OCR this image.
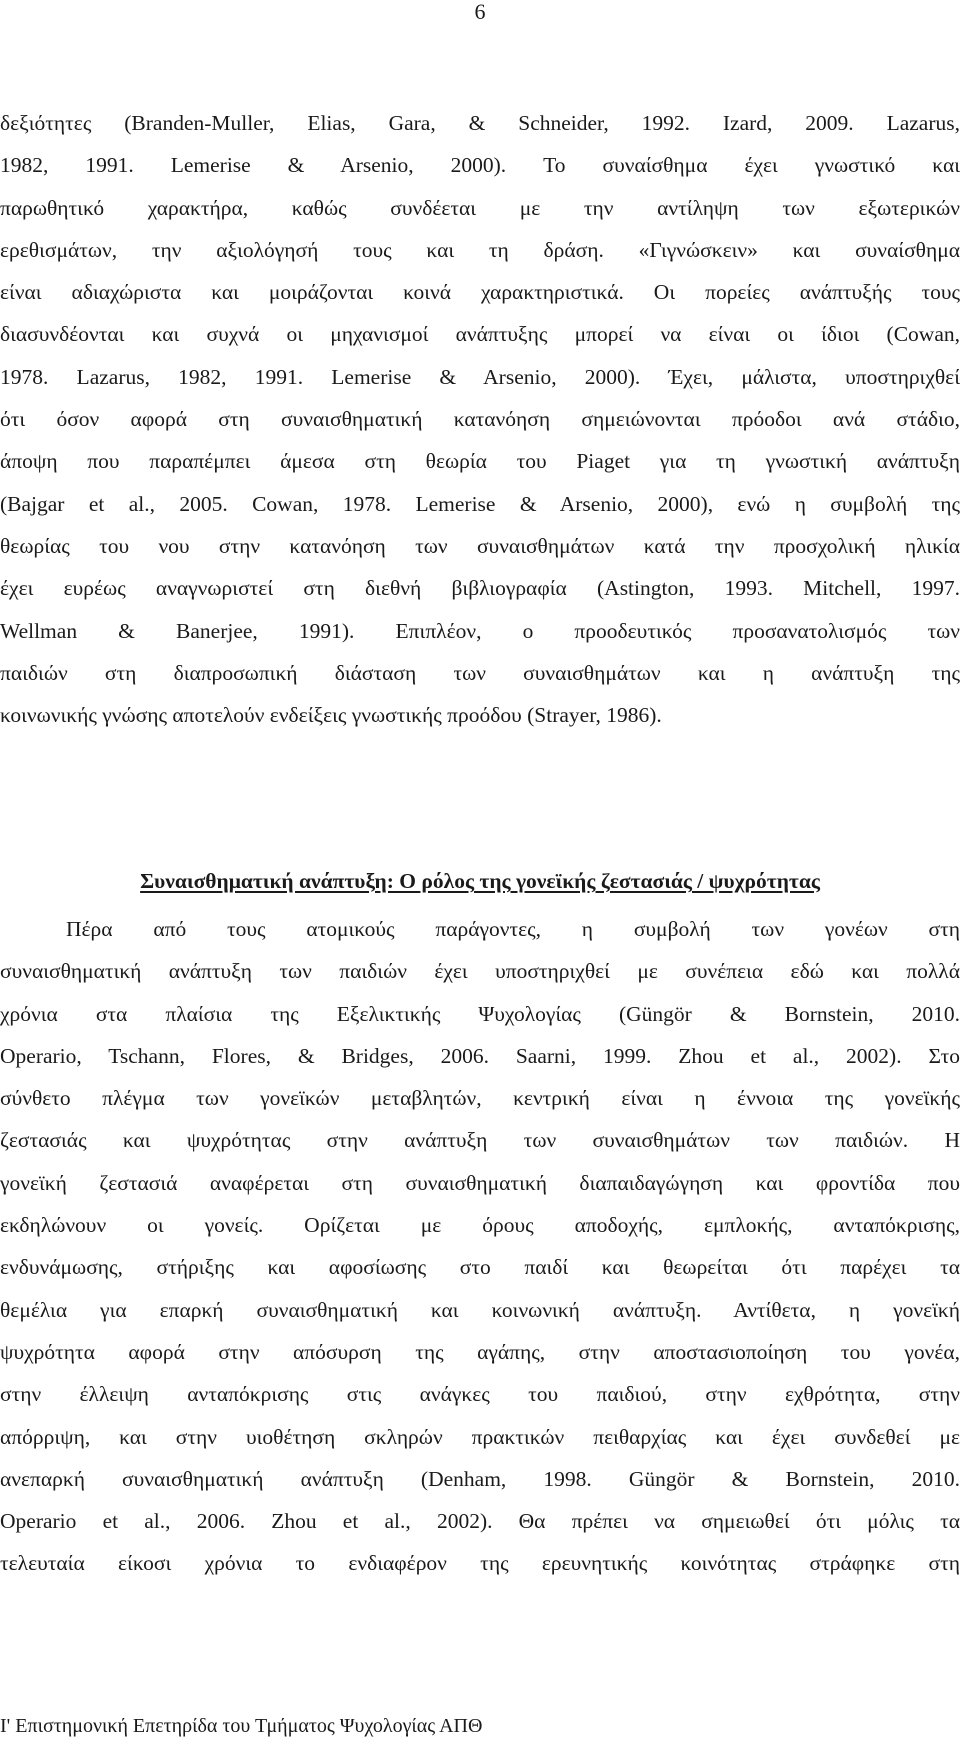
6
δεξιότητες (Branden-Muller, Elias, Gara, & Schneider, 1992. Izard, 2009. Lazarus,
1982, 1991. Lemerise & Arsenio, 2000). Το συναίσθημα έχει γνωστικό και
παρωθητικό χαρακτήρα, καθώς συνδέεται με την αντίληψη των εξωτερικών
ερεθισμάτων, την αξιολόγησή τους και τη δράση. «Γιγνώσκειν» και συναίσθημα
είναι αδιαχώριστα και μοιράζονται κοινά χαρακτηριστικά. Οι πορείες ανάπτυξής τους
διασυνδέονται και συχνά οι μηχανισμοί ανάπτυξης μπορεί να είναι οι ίδιοι (Cowan,
1978. Lazarus, 1982, 1991. Lemerise & Arsenio, 2000). Έχει, μάλιστα, υποστηριχθεί
ότι όσον αφορά στη συναισθηματική κατανόηση σημειώνονται πρόοδοι ανά στάδιο,
άποψη που παραπέμπει άμεσα στη θεωρία του Piaget για τη γνωστική ανάπτυξη
(Bajgar et al., 2005. Cowan, 1978. Lemerise & Arsenio, 2000), ενώ η συμβολή της
θεωρίας του νου στην κατανόηση των συναισθημάτων κατά την προσχολική ηλικία
έχει ευρέως αναγνωριστεί στη διεθνή βιβλιογραφία (Astington, 1993. Mitchell, 1997.
Wellman & Banerjee, 1991). Επιπλέον, ο προοδευτικός προσανατολισμός των
παιδιών στη διαπροσωπική διάσταση των συναισθημάτων και η ανάπτυξη της
κοινωνικής γνώσης αποτελούν ενδείξεις γνωστικής προόδου (Strayer, 1986).
Συναισθηματική ανάπτυξη: Ο ρόλος της γονεϊκής ζεστασιάς / ψυχρότητας
Πέρα από τους ατομικούς παράγοντες, η συμβολή των γονέων στη
συναισθηματική ανάπτυξη των παιδιών έχει υποστηριχθεί με συνέπεια εδώ και πολλά
χρόνια στα πλαίσια της Εξελικτικής Ψυχολογίας (Güngör & Bornstein, 2010.
Operario, Tschann, Flores, & Bridges, 2006. Saarni, 1999. Zhou et al., 2002). Στο
σύνθετο πλέγμα των γονεϊκών μεταβλητών, κεντρική είναι η έννοια της γονεϊκής
ζεστασιάς και ψυχρότητας στην ανάπτυξη των συναισθημάτων των παιδιών. Η
γονεϊκή ζεστασιά αναφέρεται στη συναισθηματική διαπαιδαγώγηση και φροντίδα που
εκδηλώνουν οι γονείς. Ορίζεται με όρους αποδοχής, εμπλοκής, ανταπόκρισης,
ενδυνάμωσης, στήριξης και αφοσίωσης στο παιδί και θεωρείται ότι παρέχει τα
θεμέλια για επαρκή συναισθηματική και κοινωνική ανάπτυξη. Αντίθετα, η γονεϊκή
ψυχρότητα αφορά στην απόσυρση της αγάπης, στην αποστασιοποίηση του γονέα,
στην έλλειψη ανταπόκρισης στις ανάγκες του παιδιού, στην εχθρότητα, στην
απόρριψη, και στην υιοθέτηση σκληρών πρακτικών πειθαρχίας και έχει συνδεθεί με
ανεπαρκή συναισθηματική ανάπτυξη (Denham, 1998. Güngör & Bornstein, 2010.
Operario et al., 2006. Zhou et al., 2002). Θα πρέπει να σημειωθεί ότι μόλις τα
τελευταία είκοσι χρόνια το ενδιαφέρον της ερευνητικής κοινότητας στράφηκε στη
Ι' Επιστημονική Επετηρίδα του Τμήματος Ψυχολογίας ΑΠΘ
